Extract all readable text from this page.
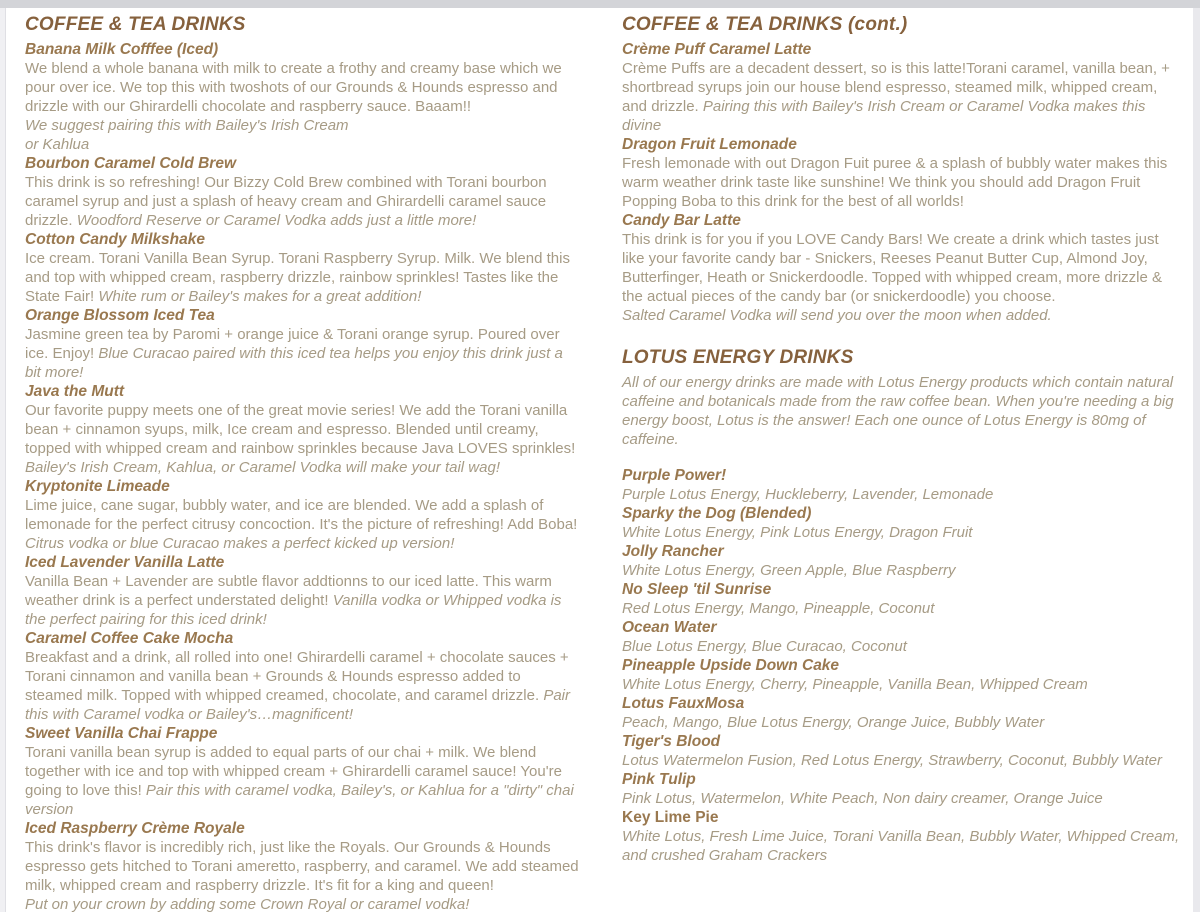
COFFEE & TEA DRINKS
Banana Milk Cofffee (Iced)
We blend a whole banana with milk to create a frothy and creamy base which we pour over ice. We top this with twoshots of our Grounds & Hounds espresso and drizzle with our Ghirardelli chocolate and raspberry sauce. Baaam!!
We suggest pairing this with Bailey's Irish Cream
or Kahlua
Bourbon Caramel Cold Brew
This drink is so refreshing! Our Bizzy Cold Brew combined with Torani bourbon caramel syrup and just a splash of heavy cream and Ghirardelli caramel sauce drizzle. Woodford Reserve or Caramel Vodka adds just a little more!
Cotton Candy Milkshake
Ice cream. Torani Vanilla Bean Syrup. Torani Raspberry Syrup. Milk. We blend this and top with whipped cream, raspberry drizzle, rainbow sprinkles! Tastes like the State Fair! White rum or Bailey's makes for a great addition!
Orange Blossom Iced Tea
Jasmine green tea by Paromi + orange juice & Torani orange syrup. Poured over ice. Enjoy! Blue Curacao paired with this iced tea helps you enjoy this drink just a bit more!
Java the Mutt
Our favorite puppy meets one of the great movie series! We add the Torani vanilla bean + cinnamon syups, milk, Ice cream and espresso. Blended until creamy, topped with whipped cream and rainbow sprinkles because Java LOVES sprinkles! Bailey's Irish Cream, Kahlua, or Caramel Vodka will make your tail wag!
Kryptonite Limeade
Lime juice, cane sugar, bubbly water, and ice are blended. We add a splash of lemonade for the perfect citrusy concoction. It's the picture of refreshing! Add Boba! Citrus vodka or blue Curacao makes a perfect kicked up version!
Iced Lavender Vanilla Latte
Vanilla Bean + Lavender are subtle flavor addtionns to our iced latte. This warm weather drink is a perfect understated delight! Vanilla vodka or Whipped vodka is the perfect pairing for this iced drink!
Caramel Coffee Cake Mocha
Breakfast and a drink, all rolled into one! Ghirardelli caramel + chocolate sauces + Torani cinnamon and vanilla bean + Grounds & Hounds espresso added to steamed milk. Topped with whipped creamed, chocolate, and caramel drizzle. Pair this with Caramel vodka or Bailey's…magnificent!
Sweet Vanilla Chai Frappe
Torani vanilla bean syrup is added to equal parts of our chai + milk. We blend together with ice and top with whipped cream + Ghirardelli caramel sauce! You're going to love this! Pair this with caramel vodka, Bailey's, or Kahlua for a "dirty" chai version
Iced Raspberry Crème Royale
This drink's flavor is incredibly rich, just like the Royals. Our Grounds & Hounds espresso gets hitched to Torani ameretto, raspberry, and caramel. We add steamed milk, whipped cream and raspberry drizzle. It's fit for a king and queen!
Put on your crown by adding some Crown Royal or caramel vodka!
COFFEE & TEA DRINKS (cont.)
Crème Puff Caramel Latte
Crème Puffs are a decadent dessert, so is this latte!Torani caramel, vanilla bean, + shortbread syrups join our house blend espresso, steamed milk, whipped cream, and drizzle. Pairing this with Bailey's Irish Cream or Caramel Vodka makes this divine
Dragon Fruit Lemonade
Fresh lemonade with out Dragon Fuit puree & a splash of bubbly water makes this warm weather drink taste like sunshine! We think you should add Dragon Fruit Popping Boba to this drink for the best of all worlds!
Candy Bar Latte
This drink is for you if you LOVE Candy Bars! We create a drink which tastes just like your favorite candy bar - Snickers, Reeses Peanut Butter Cup, Almond Joy, Butterfinger, Heath or Snickerdoodle. Topped with whipped cream, more drizzle & the actual pieces of the candy bar (or snickerdoodle) you choose.
Salted Caramel Vodka will send you over the moon when added.
LOTUS ENERGY DRINKS

All of our energy drinks are made with Lotus Energy products which contain natural caffeine and botanicals made from the raw coffee bean. When you're needing a big energy boost, Lotus is the answer! Each one ounce of Lotus Energy is 80mg of caffeine.

Purple Power!
Purple Lotus Energy, Huckleberry, Lavender, Lemonade
Sparky the Dog (Blended)
White Lotus Energy, Pink Lotus Energy, Dragon Fruit
Jolly Rancher
White Lotus Energy, Green Apple, Blue Raspberry
No Sleep 'til Sunrise
Red Lotus Energy, Mango, Pineapple, Coconut
Ocean Water
Blue Lotus Energy, Blue Curacao, Coconut
Pineapple Upside Down Cake
White Lotus Energy, Cherry, Pineapple, Vanilla Bean, Whipped Cream
Lotus FauxMosa
Peach, Mango, Blue Lotus Energy, Orange Juice, Bubbly Water
Tiger's Blood
Lotus Watermelon Fusion, Red Lotus Energy, Strawberry, Coconut, Bubbly Water
Pink Tulip
Pink Lotus, Watermelon, White Peach, Non dairy creamer, Orange Juice
Key Lime Pie
White Lotus, Fresh Lime Juice, Torani Vanilla Bean, Bubbly Water, Whipped Cream, and crushed Graham Crackers
